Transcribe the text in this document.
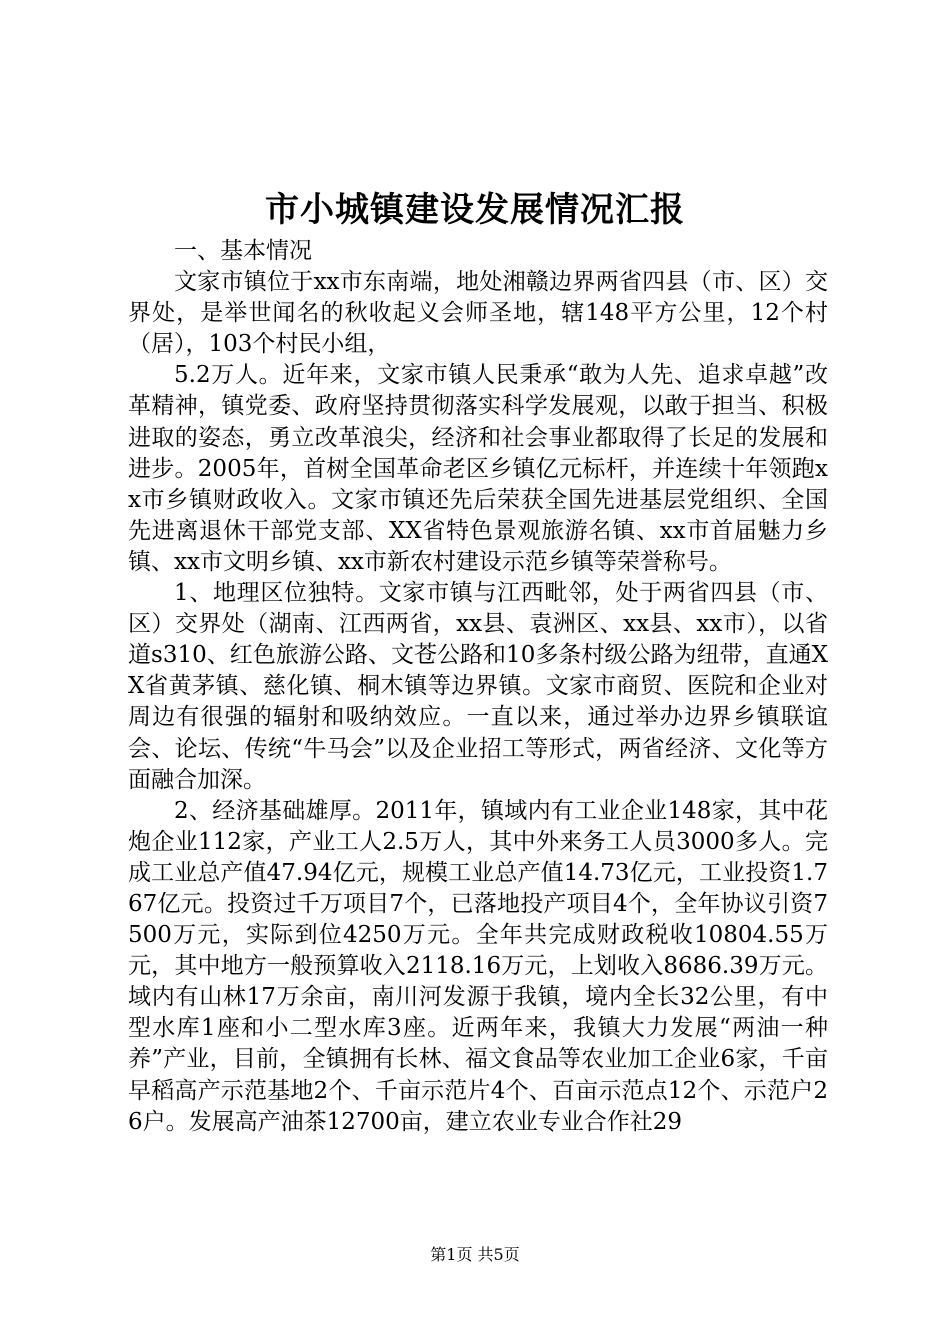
市小城镇建设发展情况汇报

一、基本情况

文家市镇位于xx市东南端，地处湘赣边界两省四县（市、区）交界处，是举世闻名的秋收起义会师圣地，辖148平方公里，12个村（居），103个村民小组，

5.2万人。近年来，文家市镇人民秉承“敢为人先、追求卓越”改革精神，镇党委、政府坚持贯彻落实科学发展观，以敢于担当、积极进取的姿态，勇立改革浪尖，经济和社会事业都取得了长足的发展和进步。2005年，首树全国革命老区乡镇亿元标杆，并连续十年领跑xx市乡镇财政收入。文家市镇还先后荣获全国先进基层党组织、全国先进离退休干部党支部、XX省特色景观旅游名镇、xx市首届魅力乡镇、xx市文明乡镇、xx市新农村建设示范乡镇等荣誉称号。

1、地理区位独特。文家市镇与江西毗邻，处于两省四县（市、区）交界处（湖南、江西两省，xx县、袁洲区、xx县、xx市），以省道s310、红色旅游公路、文苍公路和10多条村级公路为纽带，直通XX省黄茅镇、慈化镇、桐木镇等边界镇。文家市商贸、医院和企业对周边有很强的辐射和吸纳效应。一直以来，通过举办边界乡镇联谊会、论坛、传统“牛马会”以及企业招工等形式，两省经济、文化等方面融合加深。

2、经济基础雄厚。2011年，镇域内有工业企业148家，其中花炮企业112家，产业工人2.5万人，其中外来务工人员3000多人。完成工业总产值47.94亿元，规模工业总产值14.73亿元，工业投资1.767亿元。投资过千万项目7个，已落地投产项目4个，全年协议引资7500万元，实际到位4250万元。全年共完成财政税收10804.55万元，其中地方一般预算收入2118.16万元，上划收入8686.39万元。域内有山林17万余亩，南川河发源于我镇，境内全长32公里，有中型水库1座和小二型水库3座。近两年来，我镇大力发展“两油一种养”产业，目前，全镇拥有长林、福文食品等农业加工企业6家，千亩早稻高产示范基地2个、千亩示范片4个、百亩示范点12个、示范户26户。发展高产油茶12700亩，建立农业专业合作社29

第1页 共5页
